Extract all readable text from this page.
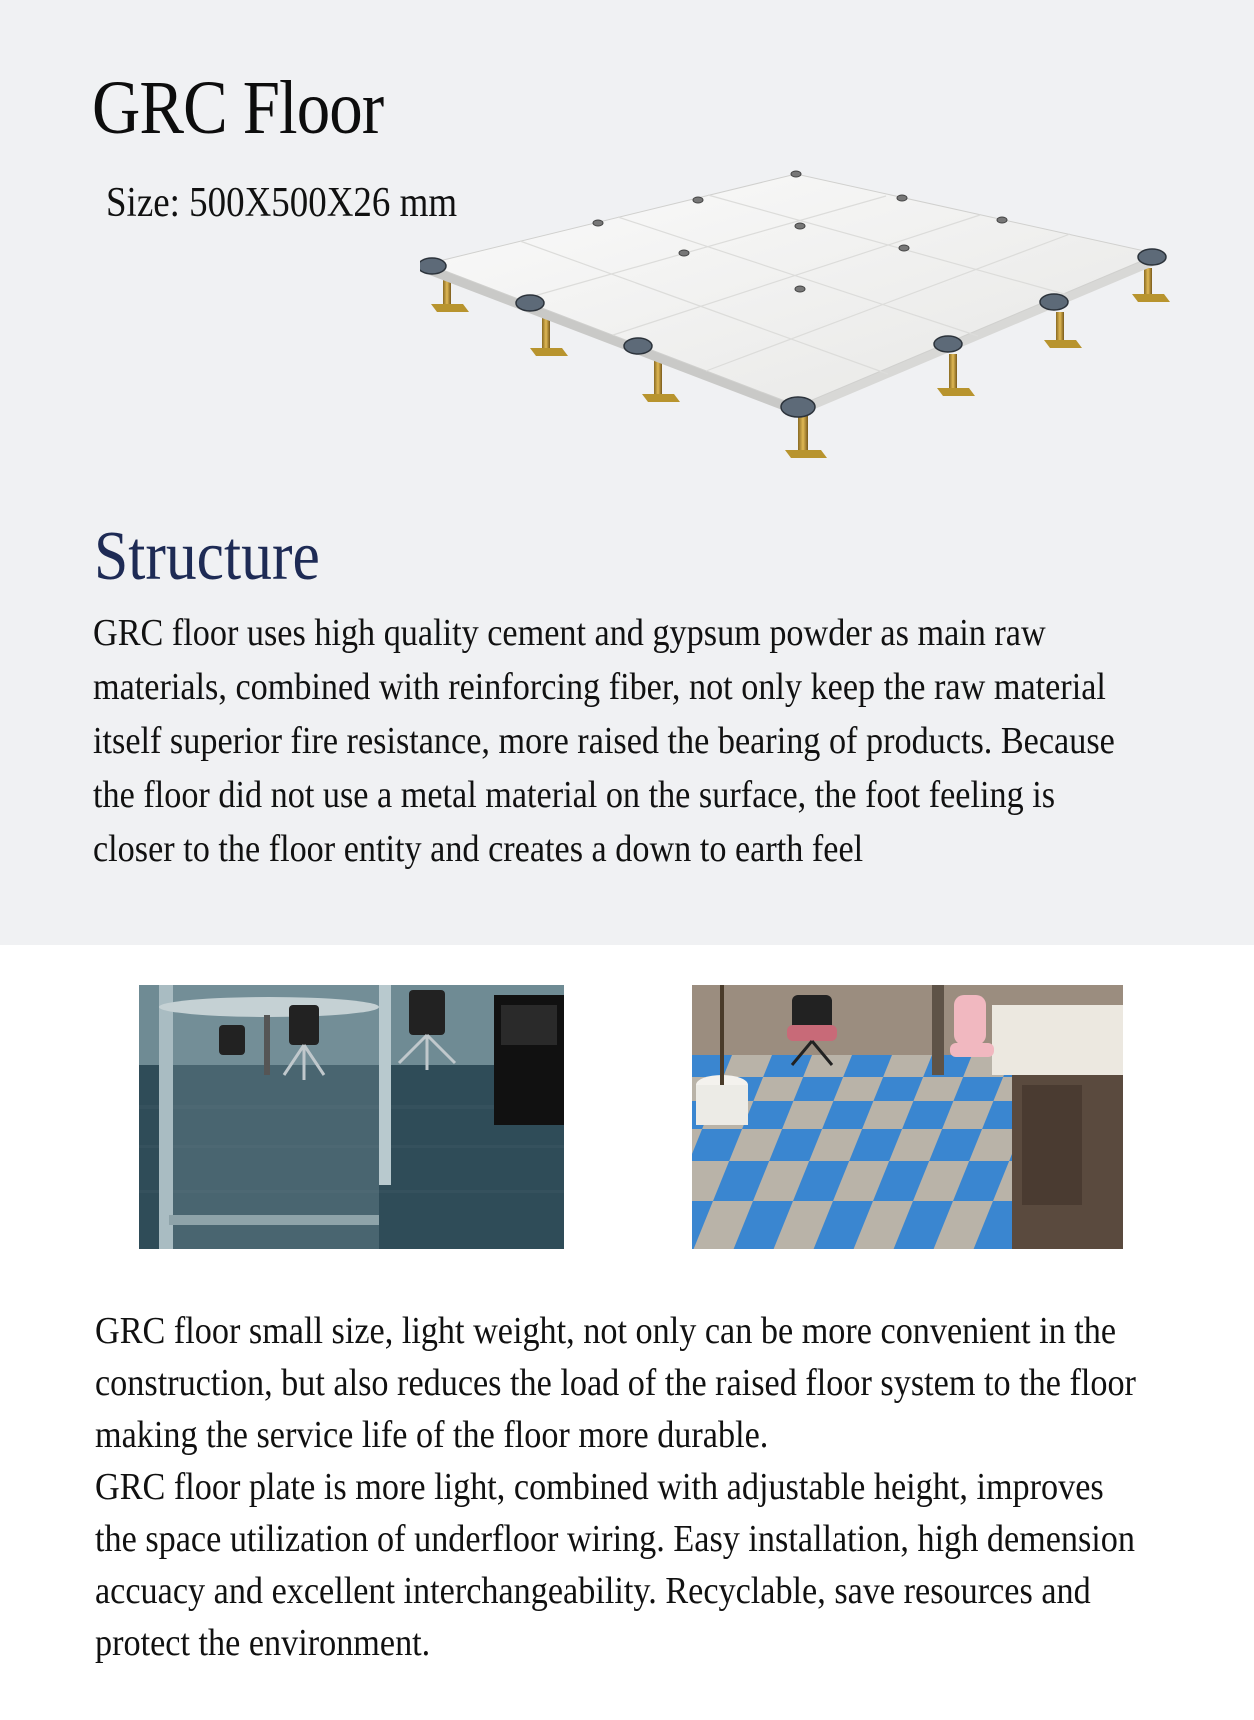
GRC Floor

Size: 500X500X26 mm

Structure

GRC floor uses high quality cement and gypsum powder as main raw materials, combined with reinforcing fiber, not only keep the raw material itself superior fire resistance, more raised the bearing of products. Because the floor did not use a metal material on the surface, the foot feeling is closer to the floor entity and creates a down to earth feel

GRC floor small size, light weight, not only can be more convenient in the construction, but also reduces the load of the raised floor system to the floor making the service life of the floor more durable.
GRC floor plate is more light, combined with adjustable height, improves the space utilization of underfloor wiring. Easy installation, high demension accuacy and excellent interchangeability. Recyclable, save resources and protect the environment.
